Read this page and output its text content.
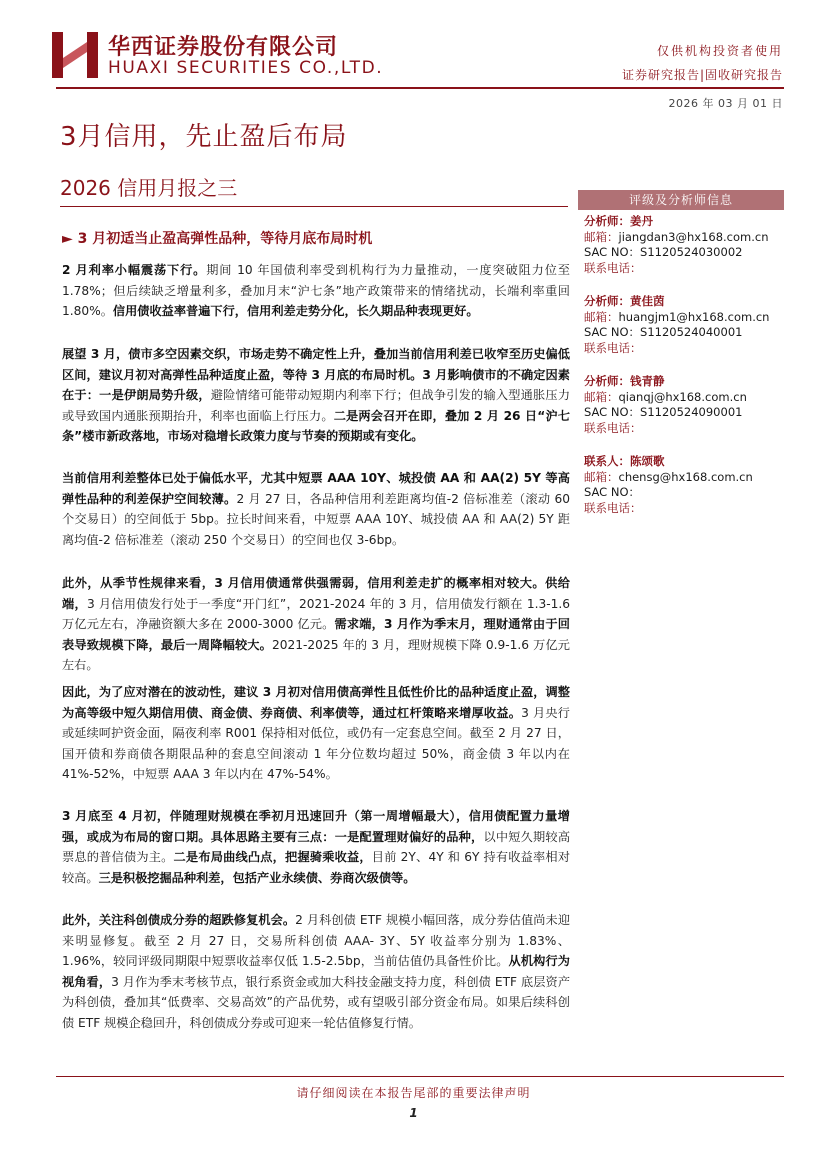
华西证券股份有限公司
HUAXI SECURITIES CO.,LTD.
仅供机构投资者使用
证券研究报告|固收研究报告
2026 年 03 月 01 日
3月信用，先止盈后布局
2026 信用月报之三
► 3 月初适当止盈高弹性品种，等待月底布局时机
2 月利率小幅震荡下行。期间 10 年国债利率受到机构行为力量推动，一度突破阻力位至 1.78%；但后续缺乏增量利多，叠加月末“沪七条”地产政策带来的情绪扰动，长端利率重回 1.80%。信用债收益率普遍下行，信用利差走势分化，长久期品种表现更好。
展望 3 月，债市多空因素交织，市场走势不确定性上升，叠加当前信用利差已收窄至历史偏低区间，建议月初对高弹性品种适度止盈，等待 3 月底的布局时机。3 月影响债市的不确定因素在于：一是伊朗局势升级，避险情绪可能带动短期内利率下行；但战争引发的输入型通胀压力或导致国内通胀预期抬升，利率也面临上行压力。二是两会召开在即，叠加 2 月 26 日“沪七条”楼市新政落地，市场对稳增长政策力度与节奏的预期或有变化。
当前信用利差整体已处于偏低水平，尤其中短票 AAA 10Y、城投债 AA 和 AA(2) 5Y 等高弹性品种的利差保护空间较薄。2 月 27 日，各品种信用利差距离均值-2 倍标准差（滚动 60 个交易日）的空间低于 5bp。拉长时间来看，中短票 AAA 10Y、城投债 AA 和 AA(2) 5Y 距离均值-2 倍标准差（滚动 250 个交易日）的空间也仅 3-6bp。
此外，从季节性规律来看，3 月信用债通常供强需弱，信用利差走扩的概率相对较大。供给端，3 月信用债发行处于一季度“开门红”，2021-2024 年的 3 月，信用债发行额在 1.3-1.6 万亿元左右，净融资额大多在 2000-3000 亿元。需求端，3 月作为季末月，理财通常由于回表导致规模下降，最后一周降幅较大。2021-2025 年的 3 月，理财规模下降 0.9-1.6 万亿元左右。
因此，为了应对潜在的波动性，建议 3 月初对信用债高弹性且低性价比的品种适度止盈，调整为高等级中短久期信用债、商金债、券商债、利率债等，通过杠杆策略来增厚收益。3 月央行或延续呵护资金面，隔夜利率 R001 保持相对低位，或仍有一定套息空间。截至 2 月 27 日，国开债和券商债各期限品种的套息空间滚动 1 年分位数均超过 50%，商金债 3 年以内在 41%-52%，中短票 AAA 3 年以内在 47%-54%。
3 月底至 4 月初，伴随理财规模在季初月迅速回升（第一周增幅最大），信用债配置力量增强，或成为布局的窗口期。具体思路主要有三点：一是配置理财偏好的品种，以中短久期较高票息的普信债为主。二是布局曲线凸点，把握骑乘收益，目前 2Y、4Y 和 6Y 持有收益率相对较高。三是积极挖掘品种利差，包括产业永续债、券商次级债等。
此外，关注科创债成分券的超跌修复机会。2 月科创债 ETF 规模小幅回落，成分券估值尚未迎来明显修复。截至 2 月 27 日，交易所科创债 AAA- 3Y、5Y 收益率分别为 1.83%、1.96%，较同评级同期限中短票收益率仅低 1.5-2.5bp，当前估值仍具备性价比。从机构行为视角看，3 月作为季末考核节点，银行系资金或加大科技金融支持力度，科创债 ETF 底层资产为科创债，叠加其“低费率、交易高效”的产品优势，或有望吸引部分资金布局。如果后续科创债 ETF 规模企稳回升，科创债成分券或可迎来一轮估值修复行情。
评级及分析师信息
分析师：姜丹
邮箱：jiangdan3@hx168.com.cn
SAC NO：S1120524030002
联系电话：
分析师：黄佳茵
邮箱：huangjm1@hx168.com.cn
SAC NO：S1120524040001
联系电话：
分析师：钱青静
邮箱：qianqj@hx168.com.cn
SAC NO：S1120524090001
联系电话：
联系人：陈颂歌
邮箱：chensg@hx168.com.cn
SAC NO：
联系电话：
请仔细阅读在本报告尾部的重要法律声明
1
